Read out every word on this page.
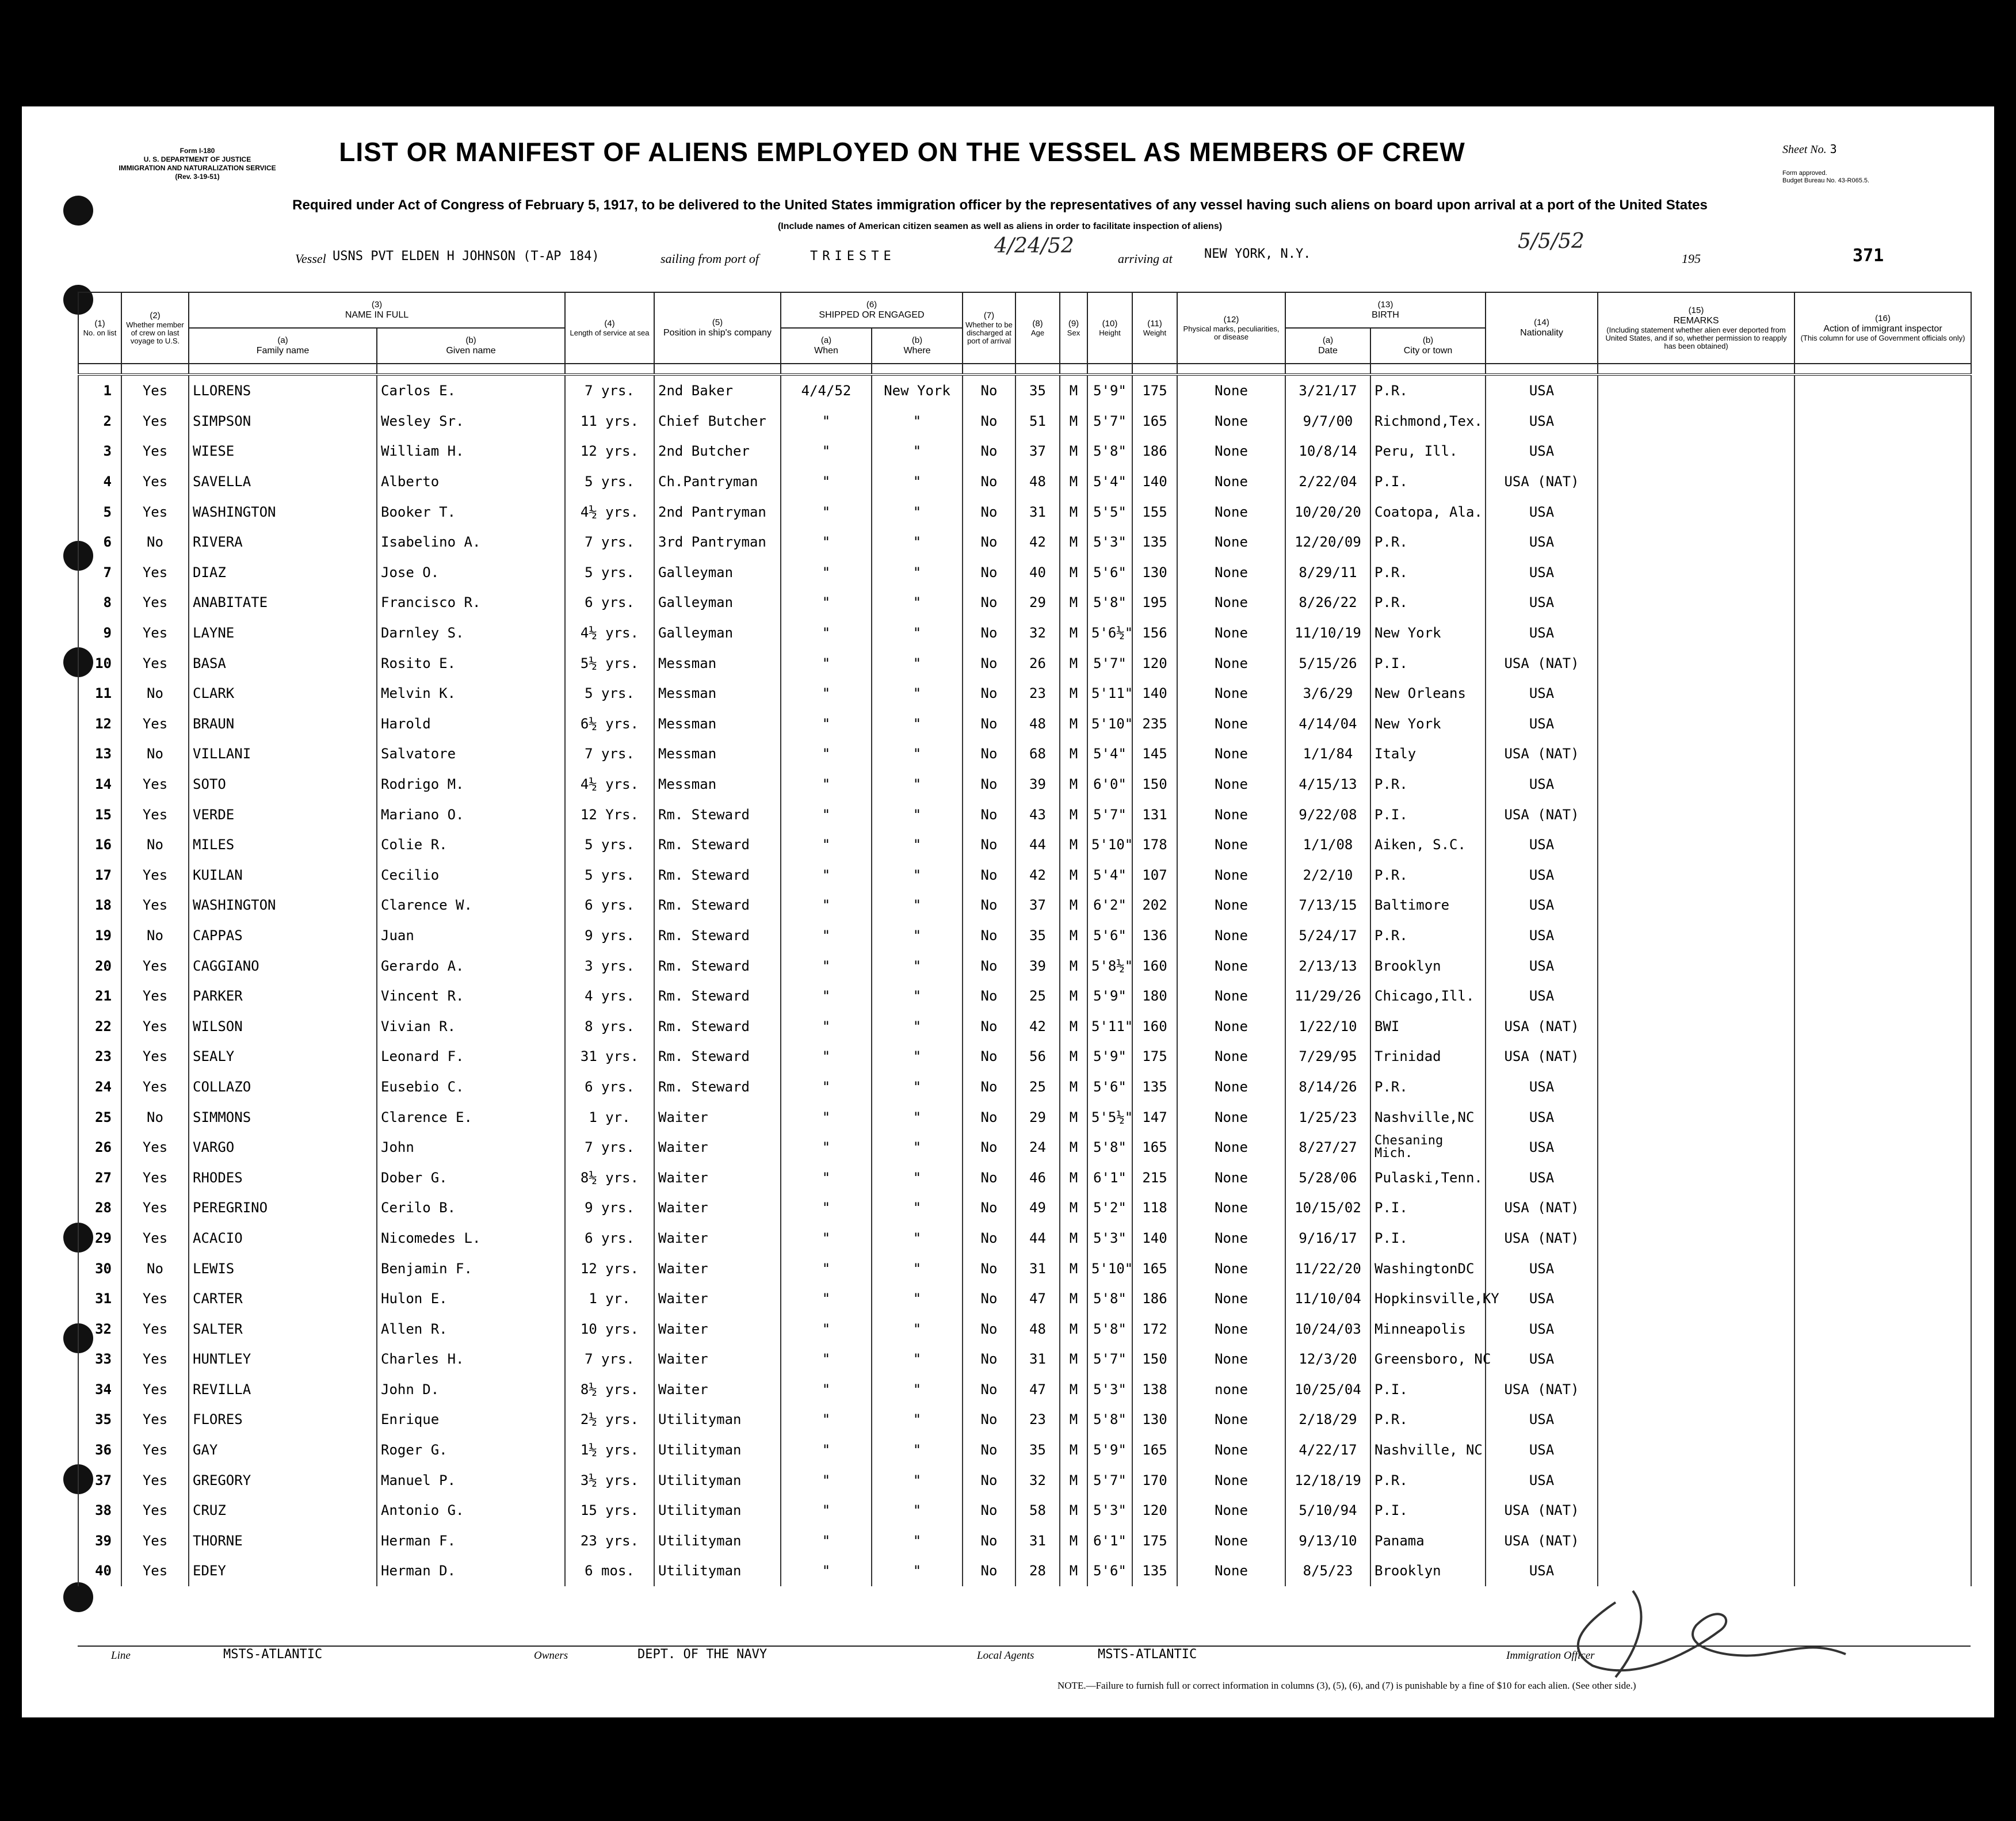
Form I-180
U. S. DEPARTMENT OF JUSTICE
IMMIGRATION AND NATURALIZATION SERVICE
(Rev. 3-19-51)
LIST OR MANIFEST OF ALIENS EMPLOYED ON THE VESSEL AS MEMBERS OF CREW	Sheet No. 3
Form approved.
Budget Bureau No. 43-R065.5.
Required under Act of Congress of February 5, 1917, to be delivered to the United States immigration officer by the representatives of any vessel having such aliens on board upon arrival at a port of the United States
(Include names of American citizen seamen as well as aliens in order to facilitate inspection of aliens)
Vessel USNS PVT ELDEN H JOHNSON (T-AP 184)	sailing from port of	TRIESTE	4/24/52
arriving at	NEW YORK, N.Y.
5/5/52
195	371
(1)
No. on list	(2)
Whether member of crew on last voyage to U.S.	(3)
NAME IN FULL		(4)
Length of service at sea	(5)
Position in ship's company	(6)
SHIPPED OR ENGAGED		(7)
Whether to be discharged at port of arrival	(8)
Age	(9)
Sex	(10)
Height	(11)
Weight	(12)
Physical marks, peculiarities, or disease	(13)
BIRTH		(14)
Nationality	(15)
REMARKS
(Including statement whether alien ever deported from United States, and if so, whether permission to reapply has been obtained)	(16)
Action of immigrant inspector
(This column for use of Government officials only)

		(a)
Family name	(b)
Given name			(a)
When	(b)
Where							(a)
Date	(b)
City or town			

1	Yes	LLORENS	Carlos E.	7 yrs.	2nd Baker	4/4/52	New York	No	35	M	5'9"	175	None	3/21/17	P.R.	USA		
2	Yes	SIMPSON	Wesley Sr.	11 yrs.	Chief Butcher	"	"	No	51	M	5'7"	165	None	9/7/00	Richmond,Tex.	USA		
3	Yes	WIESE	William H.	12 yrs.	2nd Butcher	"	"	No	37	M	5'8"	186	None	10/8/14	Peru, Ill.	USA		
4	Yes	SAVELLA	Alberto	5 yrs.	Ch.Pantryman	"	"	No	48	M	5'4"	140	None	2/22/04	P.I.	USA (NAT)		
5	Yes	WASHINGTON	Booker T.	4½ yrs.	2nd Pantryman	"	"	No	31	M	5'5"	155	None	10/20/20	Coatopa, Ala.	USA		
6	No	RIVERA	Isabelino A.	7 yrs.	3rd Pantryman	"	"	No	42	M	5'3"	135	None	12/20/09	P.R.	USA		
7	Yes	DIAZ	Jose O.	5 yrs.	Galleyman	"	"	No	40	M	5'6"	130	None	8/29/11	P.R.	USA		
8	Yes	ANABITATE	Francisco R.	6 yrs.	Galleyman	"	"	No	29	M	5'8"	195	None	8/26/22	P.R.	USA		
9	Yes	LAYNE	Darnley S.	4½ yrs.	Galleyman	"	"	No	32	M	5'6½"	156	None	11/10/19	New York	USA		
10	Yes	BASA	Rosito E.	5½ yrs.	Messman	"	"	No	26	M	5'7"	120	None	5/15/26	P.I.	USA (NAT)		
11	No	CLARK	Melvin K.	5 yrs.	Messman	"	"	No	23	M	5'11"	140	None	3/6/29	New Orleans	USA		
12	Yes	BRAUN	Harold	6½ yrs.	Messman	"	"	No	48	M	5'10"	235	None	4/14/04	New York	USA		
13	No	VILLANI	Salvatore	7 yrs.	Messman	"	"	No	68	M	5'4"	145	None	1/1/84	Italy	USA (NAT)		
14	Yes	SOTO	Rodrigo M.	4½ yrs.	Messman	"	"	No	39	M	6'0"	150	None	4/15/13	P.R.	USA		
15	Yes	VERDE	Mariano O.	12 Yrs.	Rm. Steward	"	"	No	43	M	5'7"	131	None	9/22/08	P.I.	USA (NAT)		
16	No	MILES	Colie R.	5 yrs.	Rm. Steward	"	"	No	44	M	5'10"	178	None	1/1/08	Aiken, S.C.	USA		
17	Yes	KUILAN	Cecilio	5 yrs.	Rm. Steward	"	"	No	42	M	5'4"	107	None	2/2/10	P.R.	USA		
18	Yes	WASHINGTON	Clarence W.	6 yrs.	Rm. Steward	"	"	No	37	M	6'2"	202	None	7/13/15	Baltimore	USA		
19	No	CAPPAS	Juan	9 yrs.	Rm. Steward	"	"	No	35	M	5'6"	136	None	5/24/17	P.R.	USA		
20	Yes	CAGGIANO	Gerardo A.	3 yrs.	Rm. Steward	"	"	No	39	M	5'8½"	160	None	2/13/13	Brooklyn	USA		
21	Yes	PARKER	Vincent R.	4 yrs.	Rm. Steward	"	"	No	25	M	5'9"	180	None	11/29/26	Chicago,Ill.	USA		
22	Yes	WILSON	Vivian R.	8 yrs.	Rm. Steward	"	"	No	42	M	5'11"	160	None	1/22/10	BWI	USA (NAT)		
23	Yes	SEALY	Leonard F.	31 yrs.	Rm. Steward	"	"	No	56	M	5'9"	175	None	7/29/95	Trinidad	USA (NAT)		
24	Yes	COLLAZO	Eusebio C.	6 yrs.	Rm. Steward	"	"	No	25	M	5'6"	135	None	8/14/26	P.R.	USA		
25	No	SIMMONS	Clarence E.	1 yr.	Waiter	"	"	No	29	M	5'5½"	147	None	1/25/23	Nashville,NC	USA		
26	Yes	VARGO	John	7 yrs.	Waiter	"	"	No	24	M	5'8"	165	None	8/27/27	Chesaning Mich.	USA		
27	Yes	RHODES	Dober G.	8½ yrs.	Waiter	"	"	No	46	M	6'1"	215	None	5/28/06	Pulaski,Tenn.	USA		
28	Yes	PEREGRINO	Cerilo B.	9 yrs.	Waiter	"	"	No	49	M	5'2"	118	None	10/15/02	P.I.	USA (NAT)		
29	Yes	ACACIO	Nicomedes L.	6 yrs.	Waiter	"	"	No	44	M	5'3"	140	None	9/16/17	P.I.	USA (NAT)		
30	No	LEWIS	Benjamin F.	12 yrs.	Waiter	"	"	No	31	M	5'10"	165	None	11/22/20	WashingtonDC	USA		
31	Yes	CARTER	Hulon E.	1 yr.	Waiter	"	"	No	47	M	5'8"	186	None	11/10/04	Hopkinsville,KY	USA		
32	Yes	SALTER	Allen R.	10 yrs.	Waiter	"	"	No	48	M	5'8"	172	None	10/24/03	Minneapolis	USA		
33	Yes	HUNTLEY	Charles H.	7 yrs.	Waiter	"	"	No	31	M	5'7"	150	None	12/3/20	Greensboro, NC	USA		
34	Yes	REVILLA	John D.	8½ yrs.	Waiter	"	"	No	47	M	5'3"	138	none	10/25/04	P.I.	USA (NAT)		
35	Yes	FLORES	Enrique	2½ yrs.	Utilityman	"	"	No	23	M	5'8"	130	None	2/18/29	P.R.	USA		
36	Yes	GAY	Roger G.	1½ yrs.	Utilityman	"	"	No	35	M	5'9"	165	None	4/22/17	Nashville, NC	USA		
37	Yes	GREGORY	Manuel P.	3½ yrs.	Utilityman	"	"	No	32	M	5'7"	170	None	12/18/19	P.R.	USA		
38	Yes	CRUZ	Antonio G.	15 yrs.	Utilityman	"	"	No	58	M	5'3"	120	None	5/10/94	P.I.	USA (NAT)		
39	Yes	THORNE	Herman F.	23 yrs.	Utilityman	"	"	No	31	M	6'1"	175	None	9/13/10	Panama	USA (NAT)		
40	Yes	EDEY	Herman D.	6 mos.	Utilityman	"	"	No	28	M	5'6"	135	None	8/5/23	Brooklyn	USA		
Line	MSTS-ATLANTIC	Owners	DEPT. OF THE NAVY	Local Agents	MSTS-ATLANTIC	Immigration Officer
NOTE.—Failure to furnish full or correct information in columns (3), (5), (6), and (7) is punishable by a fine of $10 for each alien. (See other side.)
